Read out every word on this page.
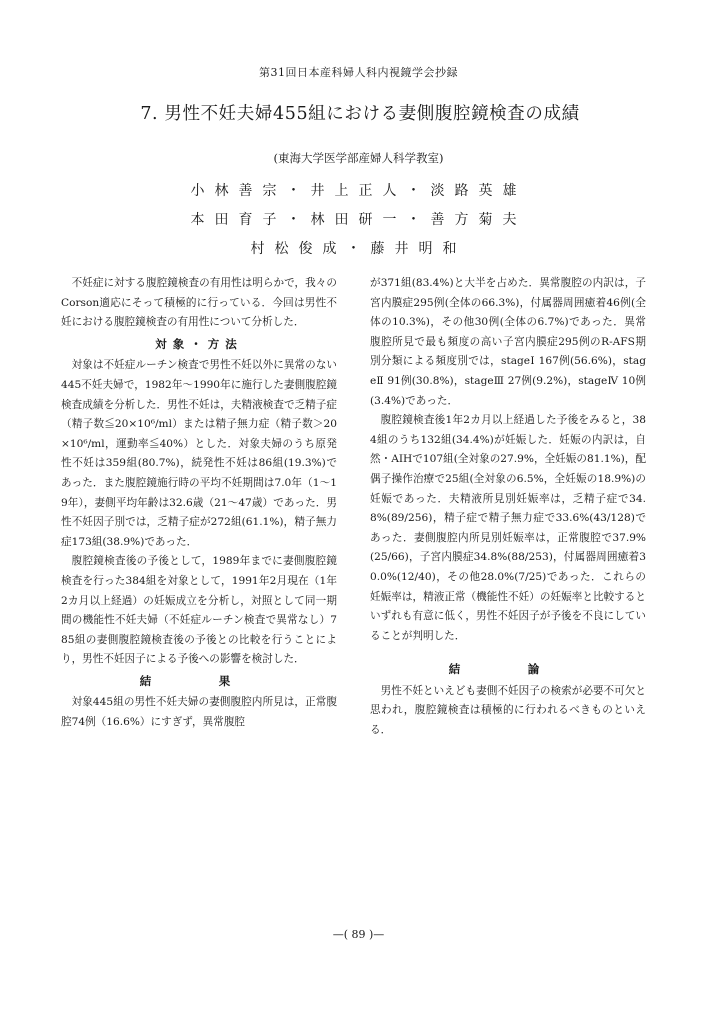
第31回日本産科婦人科内視鏡学会抄録
7. 男性不妊夫婦455組における妻側腹腔鏡検査の成績
(東海大学医学部産婦人科学教室)
小林善宗・井上正人・淡路英雄
本田育子・林田研一・善方菊夫
村松俊成・藤井明和

不妊症に対する腹腔鏡検査の有用性は明らかで，我々のCorson適応にそって積極的に行っている．今回は男性不妊における腹腔鏡検査の有用性について分析した．

対象・方法

対象は不妊症ルーチン検査で男性不妊以外に異常のない445不妊夫婦で，1982年〜1990年に施行した妻側腹腔鏡検査成績を分析した．男性不妊は，夫精液検査で乏精子症（精子数≦20×10⁶/ml）または精子無力症（精子数＞20×10⁶/ml，運動率≦40%）とした．対象夫婦のうち原発性不妊は359組(80.7%)，続発性不妊は86組(19.3%)であった．また腹腔鏡施行時の平均不妊期間は7.0年（1〜19年），妻側平均年齢は32.6歳（21〜47歳）であった．男性不妊因子別では，乏精子症が272組(61.1%)，精子無力症173組(38.9%)であった．

腹腔鏡検査後の予後として，1989年までに妻側腹腔鏡検査を行った384組を対象として，1991年2月現在（1年2カ月以上経過）の妊娠成立を分析し，対照として同一期間の機能性不妊夫婦（不妊症ルーチン検査で異常なし）785組の妻側腹腔鏡検査後の予後との比較を行うことにより，男性不妊因子による予後への影響を検討した．

結　果

対象445組の男性不妊夫婦の妻側腹腔内所見は，正常腹腔74例（16.6%）にすぎず，異常腹腔

が371組(83.4%)と大半を占めた．異常腹腔の内訳は，子宮内膜症295例(全体の66.3%)，付属器周囲癒着46例(全体の10.3%)，その他30例(全体の6.7%)であった．異常腹腔所見で最も頻度の高い子宮内膜症295例のR-AFS期別分類による頻度別では，stageⅠ 167例(56.6%)，stageⅡ 91例(30.8%)，stageⅢ 27例(9.2%)，stageⅣ 10例(3.4%)であった．

腹腔鏡検査後1年2カ月以上経過した予後をみると，384組のうち132組(34.4%)が妊娠した．妊娠の内訳は，自然・AIHで107組(全対象の27.9%，全妊娠の81.1%)，配偶子操作治療で25組(全対象の6.5%，全妊娠の18.9%)の妊娠であった．夫精液所見別妊娠率は，乏精子症で34.8%(89/256)，精子症で精子無力症で33.6%(43/128)であった．妻側腹腔内所見別妊娠率は，正常腹腔で37.9%(25/66)，子宮内膜症34.8%(88/253)，付属器周囲癒着30.0%(12/40)，その他28.0%(7/25)であった．これらの妊娠率は，精液正常（機能性不妊）の妊娠率と比較するといずれも有意に低く，男性不妊因子が予後を不良にしていることが判明した．

結　論

男性不妊といえども妻側不妊因子の検索が必要不可欠と思われ，腹腔鏡検査は積極的に行われるべきものといえる．

—( 89 )—
